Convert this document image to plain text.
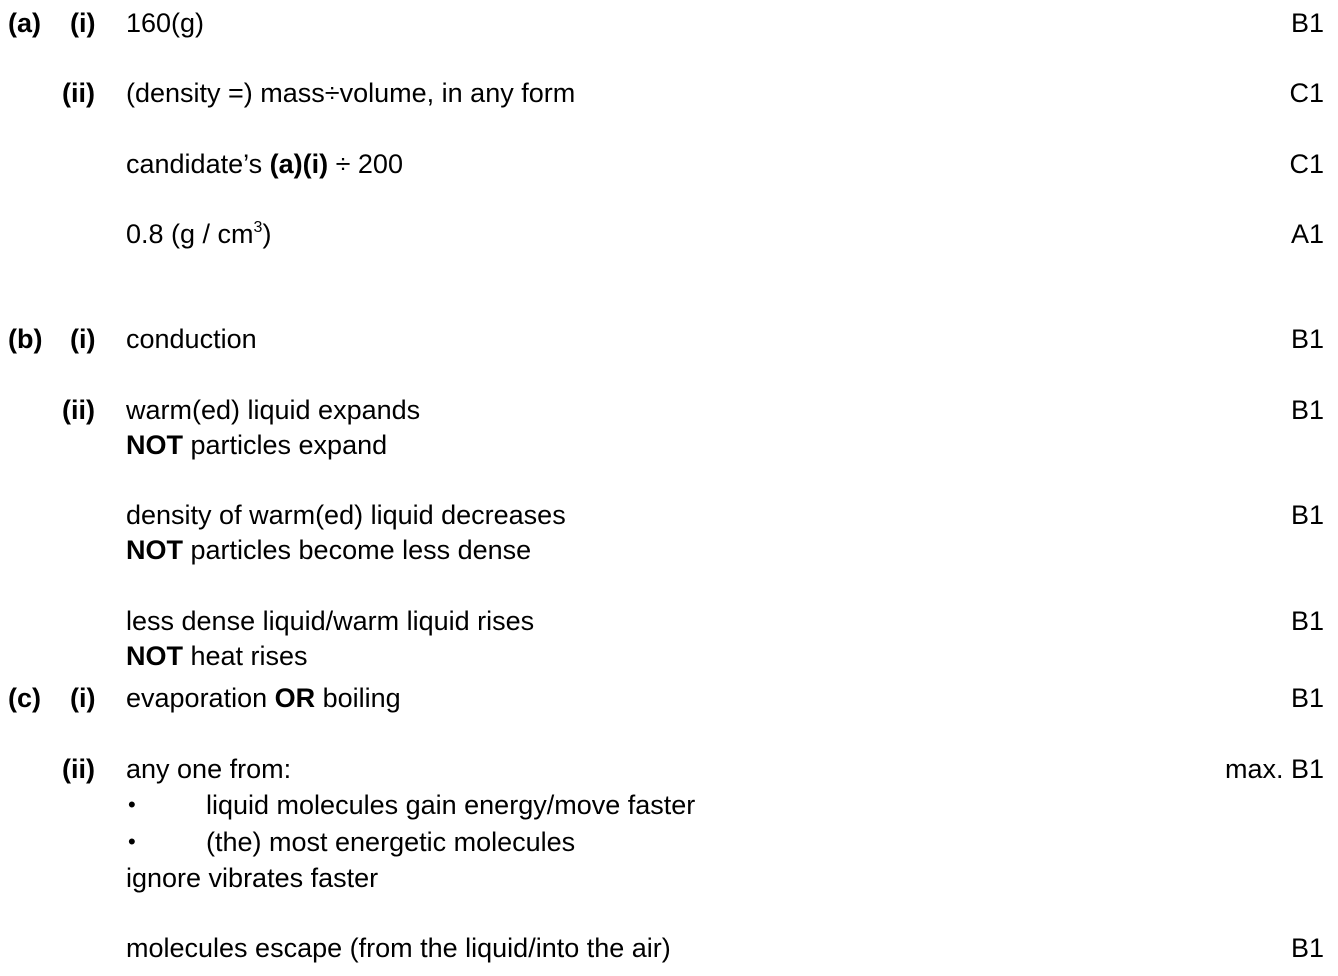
(a) (i) 160(g)	B1
(ii) (density =) mass÷volume, in any form	C1
candidate’s (a)(i) ÷ 200	C1
0.8 $(g / cm^3)$	A1
(b) (i) conduction	B1
(ii) warm(ed) liquid expands	B1
NOT particles expand
density of warm(ed) liquid decreases	B1
NOT particles become less dense
less dense liquid/warm liquid rises	B1
NOT heat rises
(c) (i) evaporation OR boiling	B1
(ii) any one from:	max. B1
•	liquid molecules gain energy/move faster
•	(the) most energetic molecules
ignore vibrates faster
molecules escape (from the liquid/into the air)	B1
